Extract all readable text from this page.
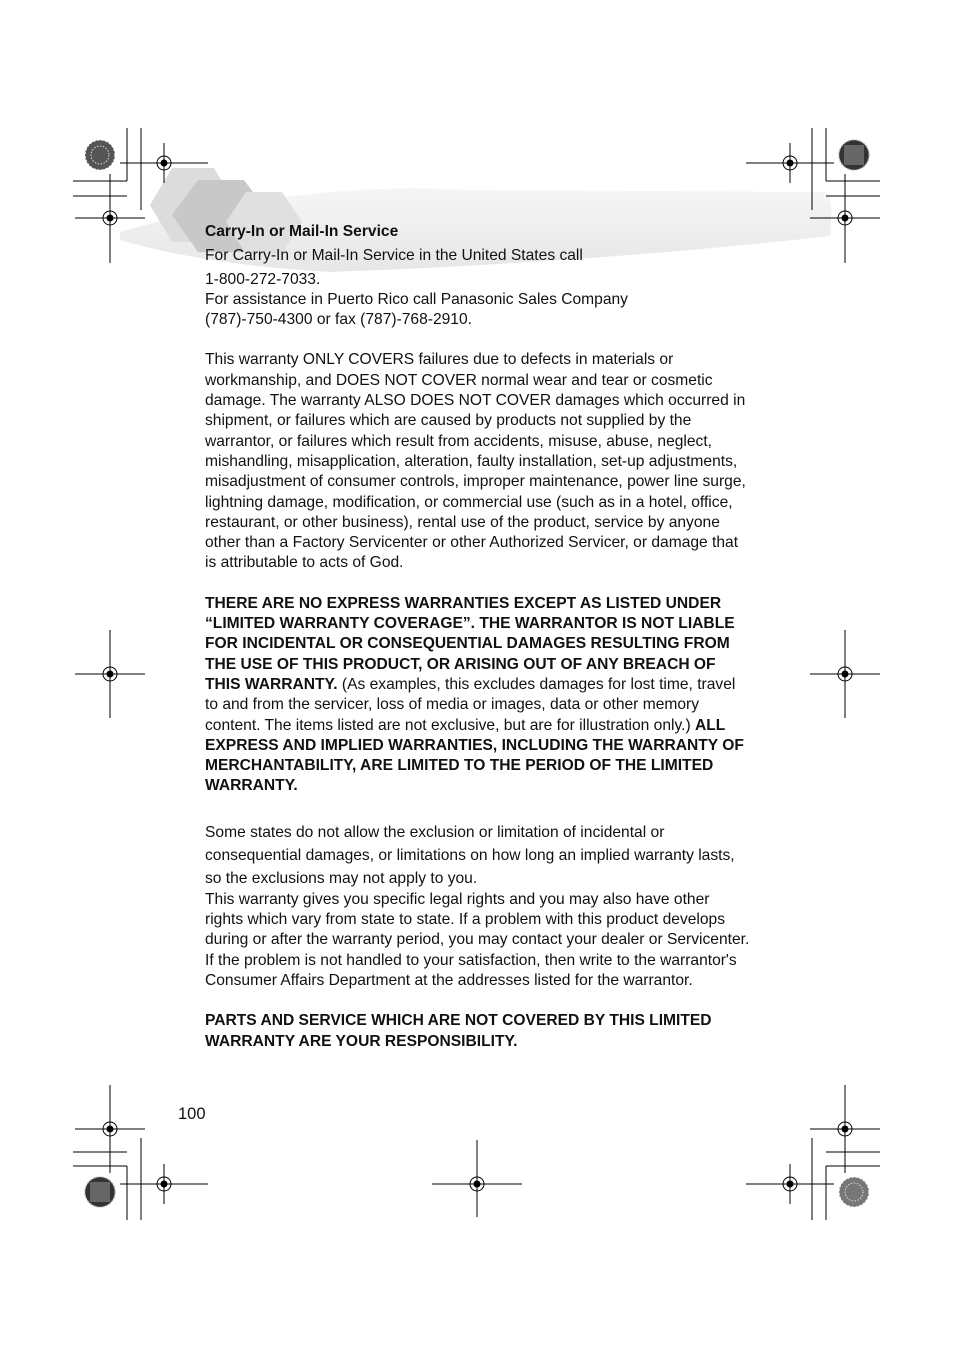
Carry-In or Mail-In Service

For Carry-In or Mail-In Service in the United States call

1-800-272-7033.

For assistance in Puerto Rico call Panasonic Sales Company

(787)-750-4300 or fax (787)-768-2910.

This warranty ONLY COVERS failures due to defects in materials or workmanship, and DOES NOT COVER normal wear and tear or cosmetic damage. The warranty ALSO DOES NOT COVER damages which occurred in shipment, or failures which are caused by products not supplied by the warrantor, or failures which result from accidents, misuse, abuse, neglect, mishandling, misapplication, alteration, faulty installation, set-up adjustments, misadjustment of consumer controls, improper maintenance, power line surge, lightning damage, modification, or commercial use (such as in a hotel, office, restaurant, or other business), rental use of the product, service by anyone other than a Factory Servicenter or other Authorized Servicer, or damage that is attributable to acts of God.

THERE ARE NO EXPRESS WARRANTIES EXCEPT AS LISTED UNDER “LIMITED WARRANTY COVERAGE”. THE WARRANTOR IS NOT LIABLE FOR INCIDENTAL OR CONSEQUENTIAL DAMAGES RESULTING FROM THE USE OF THIS PRODUCT, OR ARISING OUT OF ANY BREACH OF THIS WARRANTY. (As examples, this excludes damages for lost time, travel to and from the servicer, loss of media or images, data or other memory content. The items listed are not exclusive, but are for illustration only.) ALL EXPRESS AND IMPLIED WARRANTIES, INCLUDING THE WARRANTY OF MERCHANTABILITY, ARE LIMITED TO THE PERIOD OF THE LIMITED WARRANTY.

Some states do not allow the exclusion or limitation of incidental or consequential damages, or limitations on how long an implied warranty lasts, so the exclusions may not apply to you.

This warranty gives you specific legal rights and you may also have other rights which vary from state to state. If a problem with this product develops during or after the warranty period, you may contact your dealer or Servicenter. If the problem is not handled to your satisfaction, then write to the warrantor's Consumer Affairs Department at the addresses listed for the warrantor.

PARTS AND SERVICE WHICH ARE NOT COVERED BY THIS LIMITED WARRANTY ARE YOUR RESPONSIBILITY.

100
